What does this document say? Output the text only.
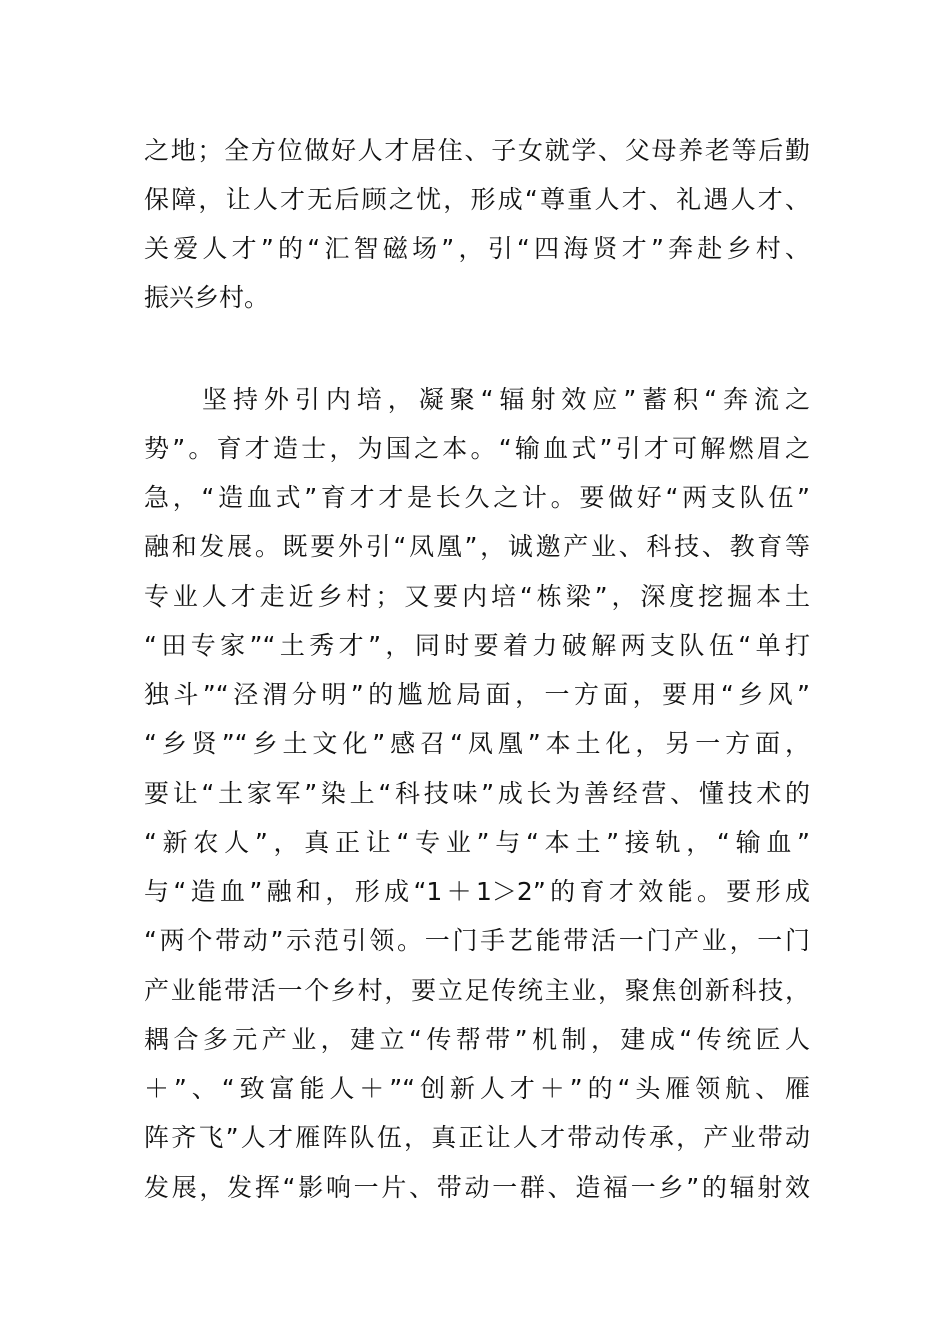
之地；全方位做好人才居住、子女就学、父母养老等后勤
保障，让人才无后顾之忧，形成“尊重人才、礼遇人才、
关爱人才”的“汇智磁场”，引“四海贤才”奔赴乡村、
振兴乡村。
坚持外引内培，凝聚“辐射效应”蓄积“奔流之
势”。育才造士，为国之本。“输血式”引才可解燃眉之
急，“造血式”育才才是长久之计。要做好“两支队伍”
融和发展。既要外引“凤凰”，诚邀产业、科技、教育等
专业人才走近乡村；又要内培“栋梁”，深度挖掘本土
“田专家”“土秀才”，同时要着力破解两支队伍“单打
独斗”“泾渭分明”的尴尬局面，一方面，要用“乡风”
“乡贤”“乡土文化”感召“凤凰”本土化，另一方面，
要让“土家军”染上“科技味”成长为善经营、懂技术的
“新农人”，真正让“专业”与“本土”接轨，“输血”
与“造血”融和，形成“1＋1＞2”的育才效能。要形成
“两个带动”示范引领。一门手艺能带活一门产业，一门
产业能带活一个乡村，要立足传统主业，聚焦创新科技，
耦合多元产业，建立“传帮带”机制，建成“传统匠人
＋”、“致富能人＋”“创新人才＋”的“头雁领航、雁
阵齐飞”人才雁阵队伍，真正让人才带动传承，产业带动
发展，发挥“影响一片、带动一群、造福一乡”的辐射效
